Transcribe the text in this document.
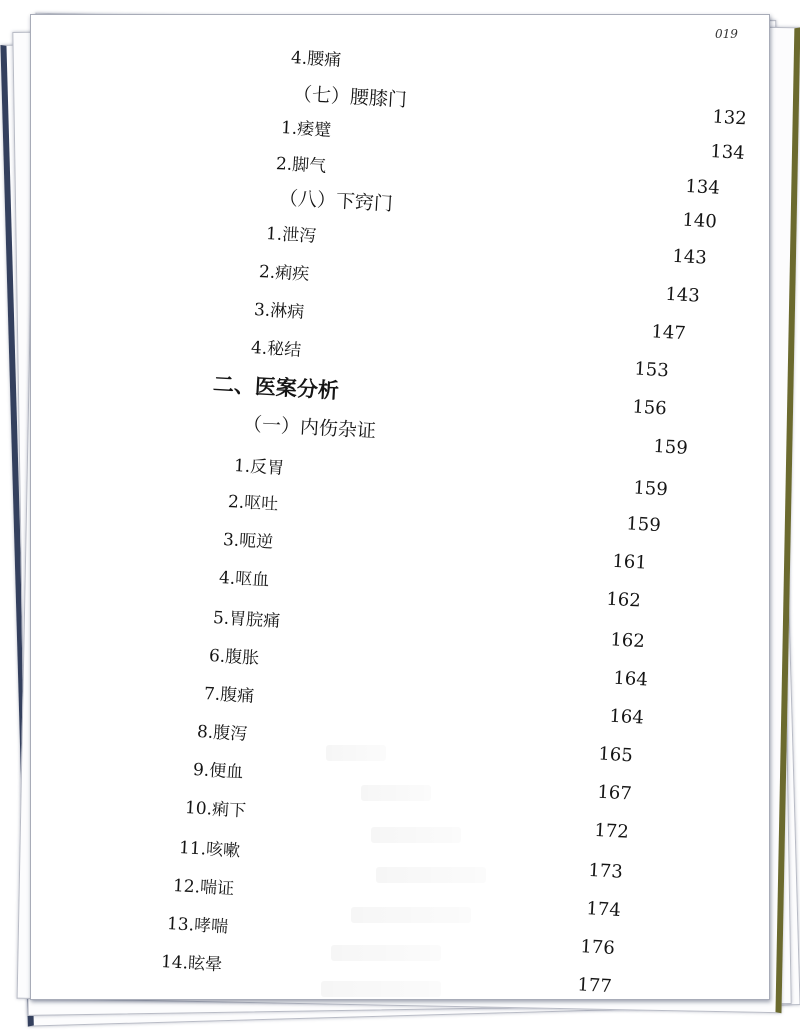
019
4.腰痛
（七）腰膝门
132
1.痿躄
134
2.脚气
134
（八）下窍门
140
1.泄泻
143
2.痢疾
143
3.淋病
147
4.秘结
153
二、医案分析
156
（一）内伤杂证
159
1.反胃
159
2.呕吐
159
3.呃逆
161
4.呕血
162
5.胃脘痛
162
6.腹胀
164
7.腹痛
164
8.腹泻
165
9.便血
167
10.痢下
172
11.咳嗽
173
12.喘证
174
13.哮喘
176
14.眩晕
177
